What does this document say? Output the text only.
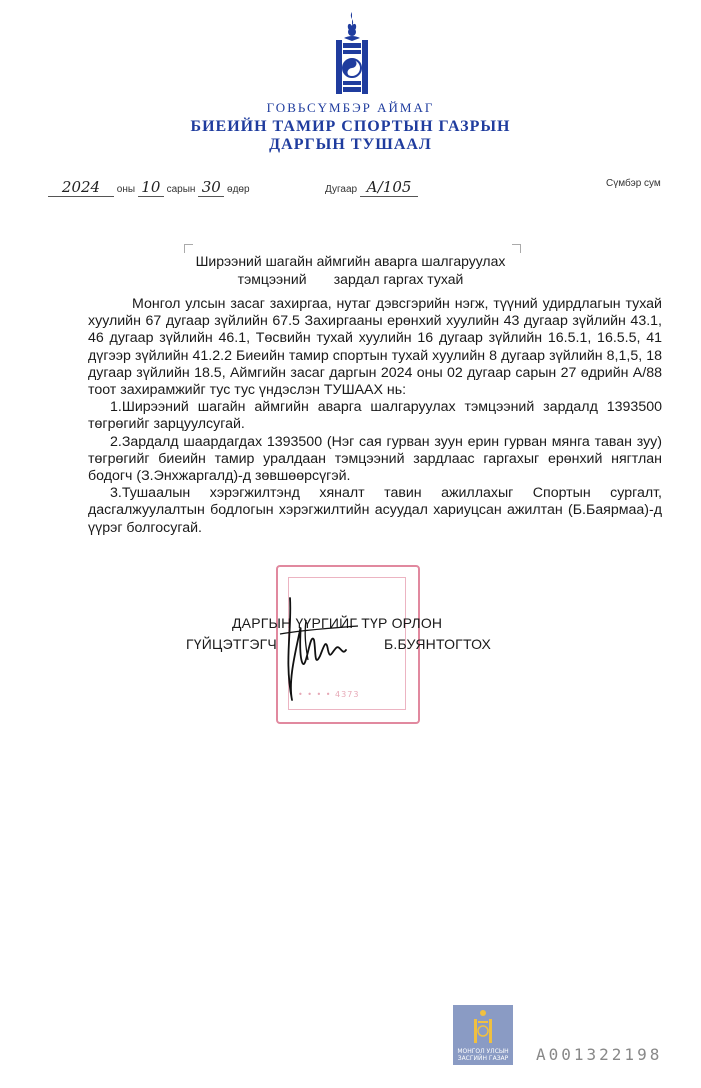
ГОВЬСҮМБЭР АЙМАГ
БИЕИЙН ТАМИР СПОРТЫН ГАЗРЫН
ДАРГЫН ТУШААЛ
2024 оны 10 сарын 30 өдөр	Дугаар А/105	Сүмбэр сум
Ширээний шагайн аймгийн аварга шалгаруулах
тэмцээний       зардал гаргах тухай

Монгол улсын засаг захиргаа, нутаг дэвсгэрийн нэгж, түүний удирдлагын тухай хуулийн 67 дугаар зүйлийн 67.5 Захиргааны ерөнхий хуулийн 43 дугаар зүйлийн 43.1, 46 дугаар зүйлийн 46.1, Төсвийн тухай хуулийн 16 дугаар зүйлийн 16.5.1, 16.5.5, 41 дүгээр зүйлийн 41.2.2 Биеийн тамир спортын тухай хуулийн 8 дугаар зүйлийн 8,1,5, 18 дугаар зүйлийн 18.5, Аймгийн засаг даргын 2024 оны 02 дугаар сарын 27 өдрийн А/88 тоот захирамжийг тус тус үндэслэн ТУШААХ нь:

1.Ширээний шагайн аймгийн аварга шалгаруулах тэмцээний зардалд 1393500 төгрөгийг зарцуулсугай.

2.Зардалд шаардагдах 1393500 (Нэг сая гурван зуун ерин гурван мянга таван зуу) төгрөгийг биеийн тамир уралдаан тэмцээний зардлаас гаргахыг ерөнхий нягтлан бодогч (З.Энхжаргалд)-д зөвшөөрсүгэй.

3.Тушаалын хэрэгжилтэнд хяналт тавин ажиллахыг Спортын сургалт, дасгалжуулалтын бодлогын хэрэгжилтийн асуудал хариуцсан ажилтан (Б.Баярмаа)-д үүрэг болгосугай.

• • • • 4373
ДАРГЫН ҮҮРГИЙГ ТҮР ОРЛОН
ГҮЙЦЭТГЭГЧ	Б.БУЯНТОГТОХ
МОНГОЛ УЛСЫН
ЗАСГИЙН ГАЗАР A001322198
